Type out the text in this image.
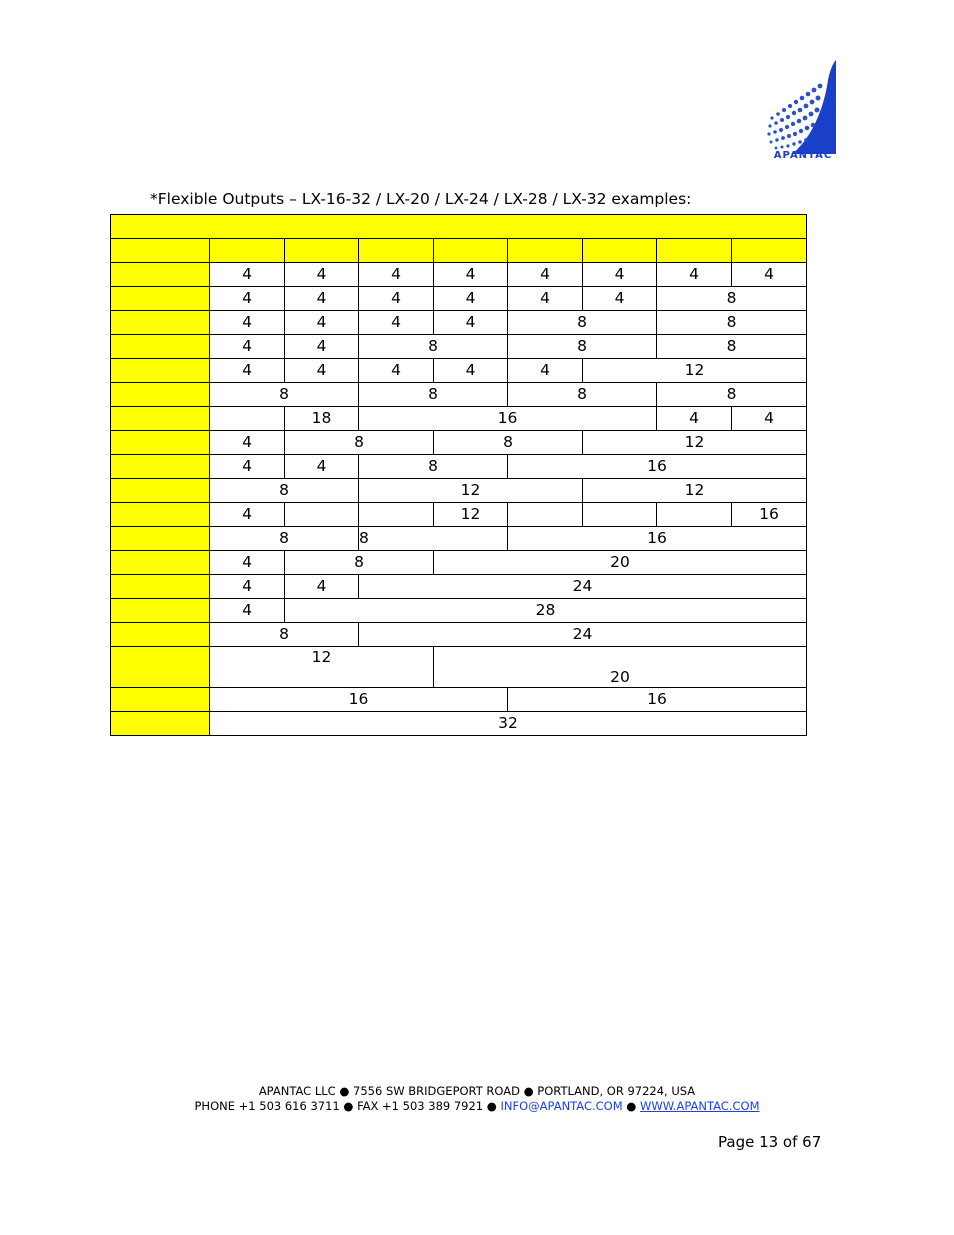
APANTAC
*Flexible Outputs – LX-16-32 / LX-20 / LX-24 / LX-28 / LX-32 examples:

	4	4	4	4	4	4	4	4
	4	4	4	4	4	4	8	
	4	4	4	4	8		8	
	4	4	8		8		8	
	4	4	4	4	4	12		
	8		8		8		8	
		18	16				4	4
	4	8		8		12		
	4	4	8		16			
	8		12			12		
	4			12				16
	8		8		16			
	4	8		20				
	4	4	24					
	4	28						
	8		24					
	12			20				
	16				16			
	32							
APANTAC LLC ● 7556 SW BRIDGEPORT ROAD ● PORTLAND, OR 97224, USA
PHONE +1 503 616 3711 ● FAX +1 503 389 7921 ● INFO@APANTAC.COM ● WWW.APANTAC.COM
Page 13 of 67
